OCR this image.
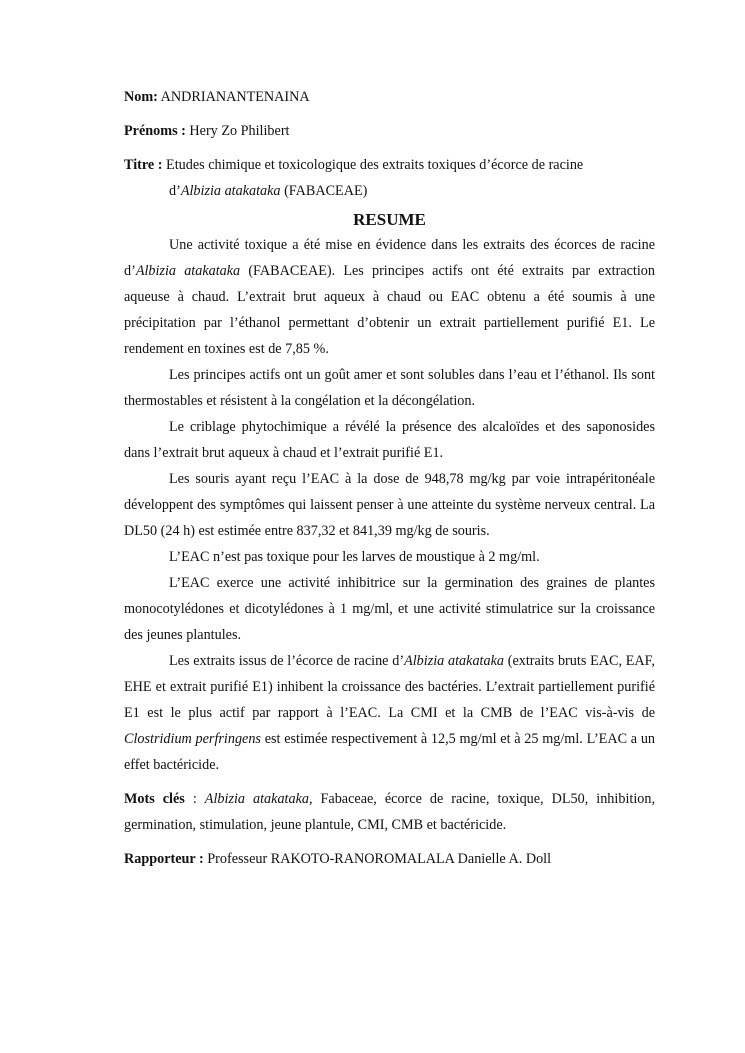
Nom: ANDRIANANTENAINA
Prénoms : Hery Zo Philibert
Titre : Etudes chimique et toxicologique des extraits toxiques d’écorce de racine
d’Albizia atakataka (FABACEAE)
RESUME

Une activité toxique a été mise en évidence dans les extraits des écorces de racine d’Albizia atakataka (FABACEAE). Les principes actifs ont été extraits par extraction aqueuse à chaud. L’extrait brut aqueux à chaud ou EAC obtenu a été soumis à une précipitation par l’éthanol permettant d’obtenir un extrait partiellement purifié E1. Le rendement en toxines est de 7,85 %.

Les principes actifs ont un goût amer et sont solubles dans l’eau et l’éthanol. Ils sont thermostables et résistent à la congélation et la décongélation.

Le criblage phytochimique a révélé la présence des alcaloïdes et des saponosides dans l’extrait brut aqueux à chaud et l’extrait purifié E1.

Les souris ayant reçu l’EAC à la dose de 948,78 mg/kg par voie intrapéritonéale développent des symptômes qui laissent penser à une atteinte du système nerveux central. La DL50 (24 h) est estimée entre 837,32 et 841,39 mg/kg de souris.

L’EAC n’est pas toxique pour les larves de moustique à 2 mg/ml.

L’EAC exerce une activité inhibitrice sur la germination des graines de plantes monocotylédones et dicotylédones à 1 mg/ml, et une activité stimulatrice sur la croissance des jeunes plantules.

Les extraits issus de l’écorce de racine d’Albizia atakataka (extraits bruts EAC, EAF, EHE et extrait purifié E1) inhibent la croissance des bactéries. L’extrait partiellement purifié E1 est le plus actif par rapport à l’EAC. La CMI et la CMB de l’EAC vis-à-vis de Clostridium perfringens est estimée respectivement à 12,5 mg/ml et à 25 mg/ml. L’EAC a un effet bactéricide.

Mots clés : Albizia atakataka, Fabaceae, écorce de racine, toxique, DL50, inhibition, germination, stimulation, jeune plantule, CMI, CMB et bactéricide.
Rapporteur : Professeur RAKOTO-RANOROMALALA Danielle A. Doll
